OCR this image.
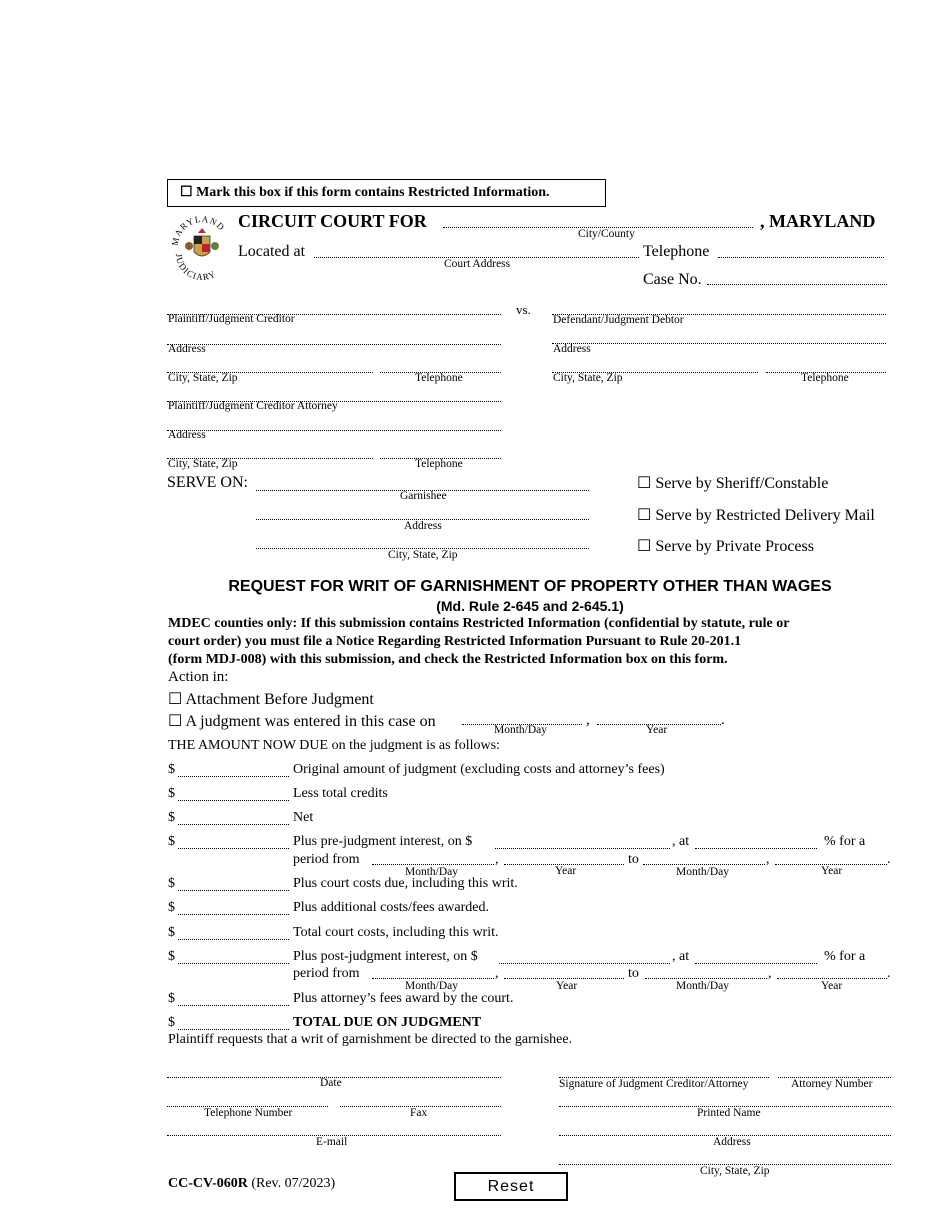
☐ Mark this box if this form contains Restricted Information.
MARYLAND
JUDICIARY
CIRCUIT COURT FOR	, MARYLAND
City/County
Located at
Court Address
Telephone
Case No.
Plaintiff/Judgment Creditor
vs.
Defendant/Judgment Debtor
Address	Address
City, State, Zip	Telephone	City, State, Zip	Telephone
Plaintiff/Judgment Creditor Attorney
Address
City, State, Zip	Telephone
SERVE ON:
Garnishee
Address
City, State, Zip
☐ Serve by Sheriff/Constable
☐ Serve by Restricted Delivery Mail
☐ Serve by Private Process
REQUEST FOR WRIT OF GARNISHMENT OF PROPERTY OTHER THAN WAGES
(Md. Rule 2-645 and 2-645.1)
MDEC counties only: If this submission contains Restricted Information (confidential by statute, rule or
court order) you must file a Notice Regarding Restricted Information Pursuant to Rule 20-201.1
(form MDJ-008) with this submission, and check the Restricted Information box on this form.
Action in:
☐ Attachment Before Judgment
☐ A judgment was entered in this case on	,	.
Month/Day	Year
THE AMOUNT NOW DUE on the judgment is as follows:
$	Original amount of judgment (excluding costs and attorney’s fees)
$	Less total credits
$	Net
$	Plus pre-judgment interest, on $	, at	% for a
period from	,	to	,	.
Month/Day	Year	Month/Day	Year
$	Plus court costs due, including this writ.
$	Plus additional costs/fees awarded.
$	Total court costs, including this writ.
$	Plus post-judgment interest, on $	, at	% for a
period from	,	to	,	.
Month/Day	Year	Month/Day	Year
$	Plus attorney’s fees award by the court.
$	TOTAL DUE ON JUDGMENT
Plaintiff requests that a writ of garnishment be directed to the garnishee.
Date
Telephone Number	Fax
E-mail
Signature of Judgment Creditor/Attorney	Attorney Number
Printed Name
Address
City, State, Zip
CC-CV-060R (Rev. 07/2023)	Reset
